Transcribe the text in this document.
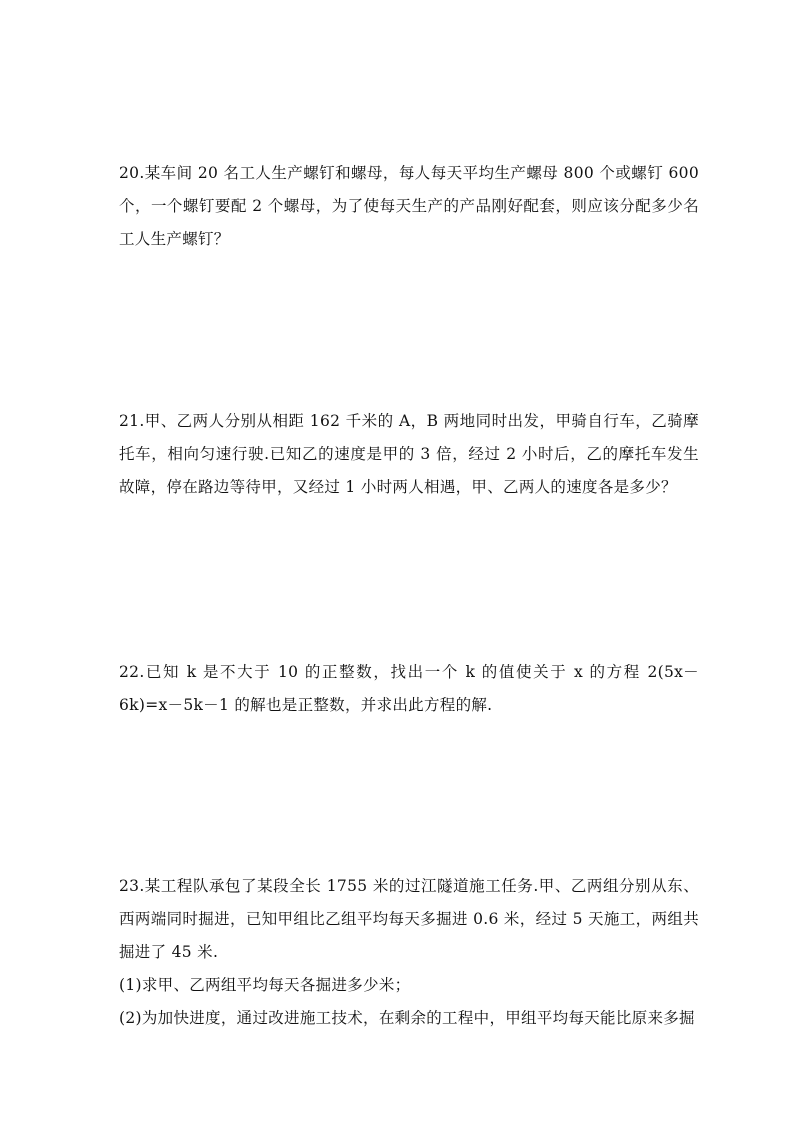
20.某车间 20 名工人生产螺钉和螺母，每人每天平均生产螺母 800 个或螺钉 600 个，一个螺钉要配 2 个螺母，为了使每天生产的产品刚好配套，则应该分配多少名工人生产螺钉？

21.甲、乙两人分别从相距 162 千米的 A，B 两地同时出发，甲骑自行车，乙骑摩托车，相向匀速行驶.已知乙的速度是甲的 3 倍，经过 2 小时后，乙的摩托车发生故障，停在路边等待甲，又经过 1 小时两人相遇，甲、乙两人的速度各是多少？

22.已知 k 是不大于 10 的正整数，找出一个 k 的值使关于 x 的方程 2(5x－6k)=x－5k－1 的解也是正整数，并求出此方程的解.

23.某工程队承包了某段全长 1755 米的过江隧道施工任务.甲、乙两组分别从东、西两端同时掘进，已知甲组比乙组平均每天多掘进 0.6 米，经过 5 天施工，两组共掘进了 45 米.

(1)求甲、乙两组平均每天各掘进多少米；

(2)为加快进度，通过改进施工技术，在剩余的工程中，甲组平均每天能比原来多掘
